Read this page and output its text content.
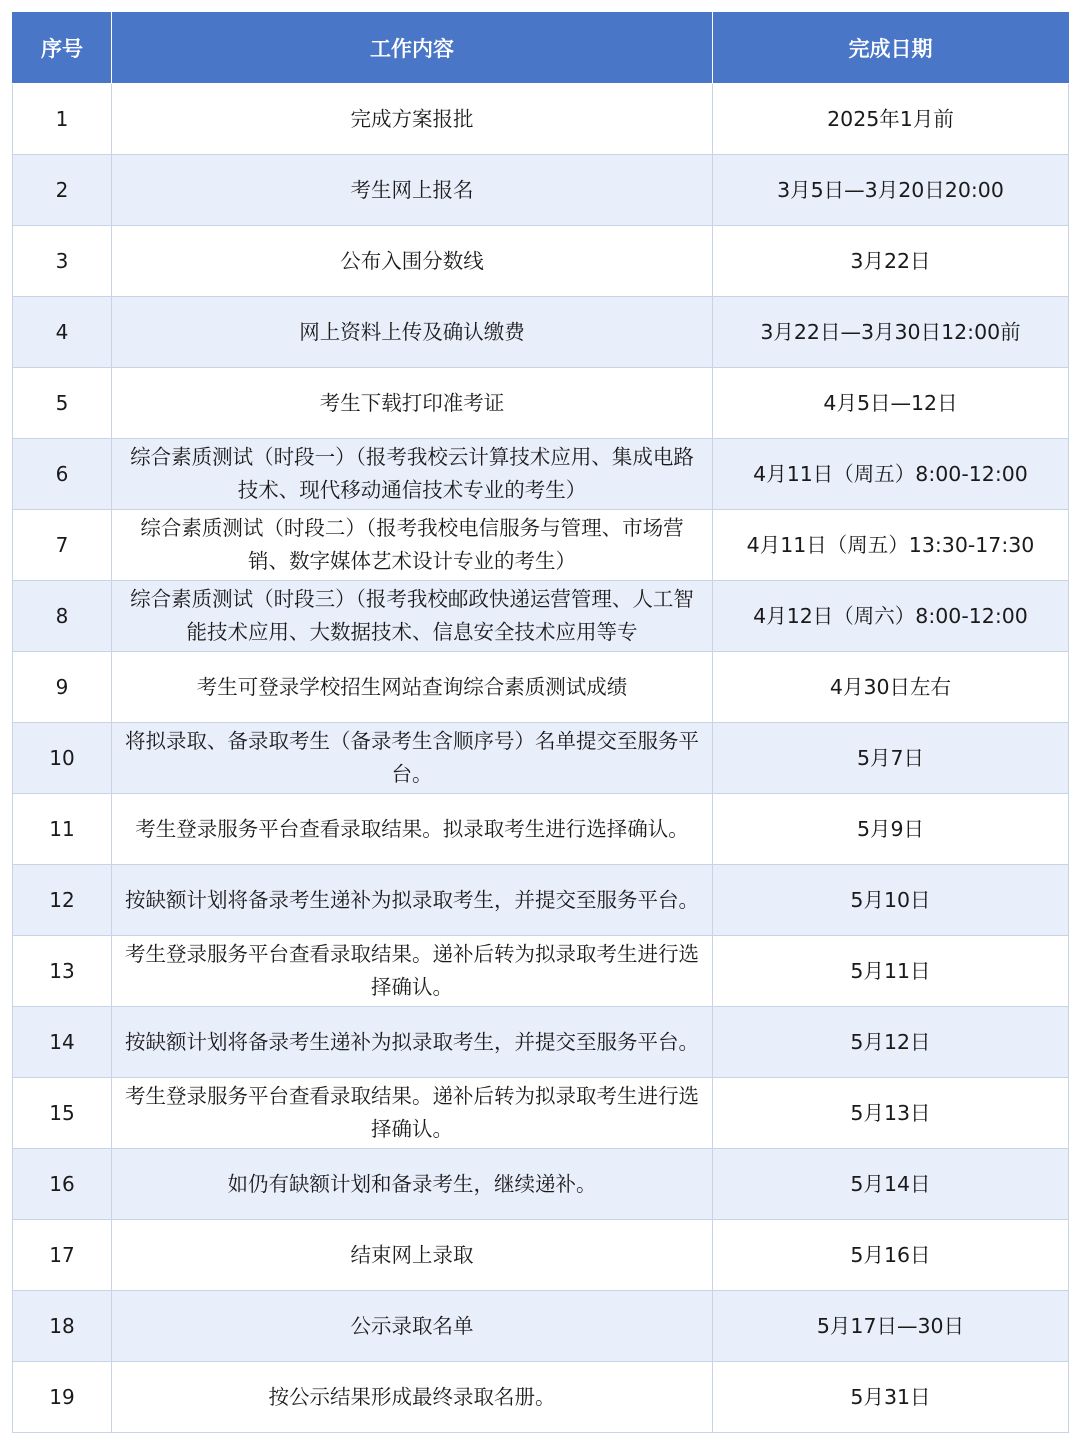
序号	工作内容	完成日期
1	完成方案报批	2025年1月前
2	考生网上报名	3月5日—3月20日20:00
3	公布入围分数线	3月22日
4	网上资料上传及确认缴费	3月22日—3月30日12:00前
5	考生下载打印准考证	4月5日—12日
6	综合素质测试（时段一）（报考我校云计算技术应用、集成电路技术、现代移动通信技术专业的考生）	4月11日（周五）8:00-12:00
7	综合素质测试（时段二）（报考我校电信服务与管理、市场营销、数字媒体艺术设计专业的考生）	4月11日（周五）13:30-17:30
8	综合素质测试（时段三）（报考我校邮政快递运营管理、人工智能技术应用、大数据技术、信息安全技术应用等专	4月12日（周六）8:00-12:00
9	考生可登录学校招生网站查询综合素质测试成绩	4月30日左右
10	将拟录取、备录取考生（备录考生含顺序号）名单提交至服务平台。	5月7日
11	考生登录服务平台查看录取结果。拟录取考生进行选择确认。	5月9日
12	按缺额计划将备录考生递补为拟录取考生，并提交至服务平台。	5月10日
13	考生登录服务平台查看录取结果。递补后转为拟录取考生进行选择确认。	5月11日
14	按缺额计划将备录考生递补为拟录取考生，并提交至服务平台。	5月12日
15	考生登录服务平台查看录取结果。递补后转为拟录取考生进行选择确认。	5月13日
16	如仍有缺额计划和备录考生，继续递补。	5月14日
17	结束网上录取	5月16日
18	公示录取名单	5月17日—30日
19	按公示结果形成最终录取名册。	5月31日
